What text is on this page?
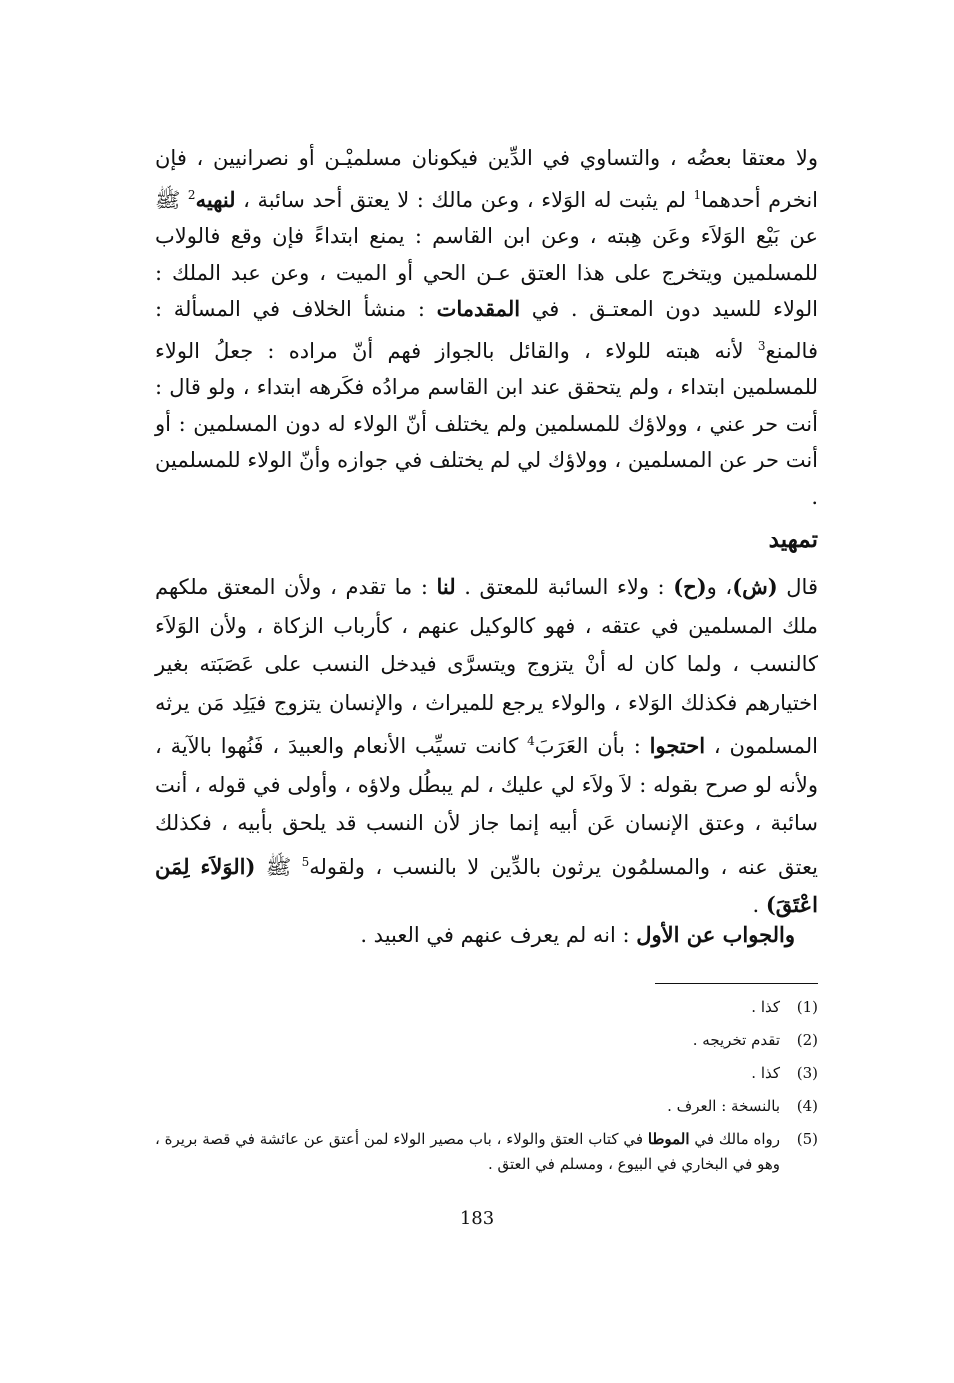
ولا معتقا بعضُه ، والتساوي في الدِّين فيكونان مسلميْـن أو نصرانيين ، فإن انخرم أحدهما$^1$ لم يثبت له الوَلاء ، وعن مالك : لا يعتق أحد سائبة ، لنهيه$^2$ ﷺ عن بَيْع الوَلاَء وعَن هِبته ، وعن ابن القاسم : يمنع ابتداءً فإن وقع فالولاب للمسلمين ويتخرج على هذا العتق عـن الحي أو الميت ، وعن عبد الملك : الولاء للسيد دون المعتـق . في المقدمات : منشأ الخلاف في المسألة : فالمنع$^3$ لأنه هبته للولاء ، والقائل بالجواز فهم أنّ مراده : جعلُ الولاء للمسلمين ابتداء ، ولم يتحقق عند ابن القاسم مرادُه فكَرهه ابتداء ، ولو قال : أنت حر عني ، وولاؤك للمسلمين ولم يختلف أنّ الولاء له دون المسلمين : أو أنت حر عن المسلمين ، وولاؤك لي لم يختلف في جوازه وأنّ الولاء للمسلمين .

تمهيد

قال (ش)، و(ح) : ولاء السائبة للمعتق . لنا : ما تقدم ، ولأن المعتق ملكهم ملك المسلمين في عتقه ، فهو كالوكيل عنهم ، كأرباب الزكاة ، ولأن الوَلاَء كالنسب ، ولما كان له أنْ يتزوج ويتسرَّى فيدخل النسب على عَصَبَته بغير اختيارهم فكذلك الوَلاء ، والولاء يرجع للميراث ، والإنسان يتزوج فيَلِد مَن يرثه المسلمون ، احتجوا : بأن العَرَبَ$^4$ كانت تسيِّب الأنعام والعبيدَ ، فَنُهوا بالآية ، ولأنه لو صرح بقوله : لاَ ولاَء لي عليك ، لم يبطُل ولاؤه ، وأولى في قوله ، أنت سائبة ، وعتق الإنسان عَن أبيه إنما جاز لأن النسب قد يلحق بأبيه ، فكذلك يعتق عنه ، والمسلمُون يرثون بالدِّين لا بالنسب ، ولقوله$^5$ ﷺ (الوَلاَء لِمَن اعْتَقَ) .

والجواب عن الأول : انه لم يعرف عنهم في العبيد .

(1)
كذا .
(2)
تقدم تخريجه .
(3)
كذا .
(4)
بالنسخة : العرف .
(5)
رواه مالك في الموطا في كتاب العتق والولاء ، باب مصير الولاء لمن أعتق عن عائشة في قصة بريرة ، وهو في البخاري في البيوع ، ومسلم في العتق .
183
